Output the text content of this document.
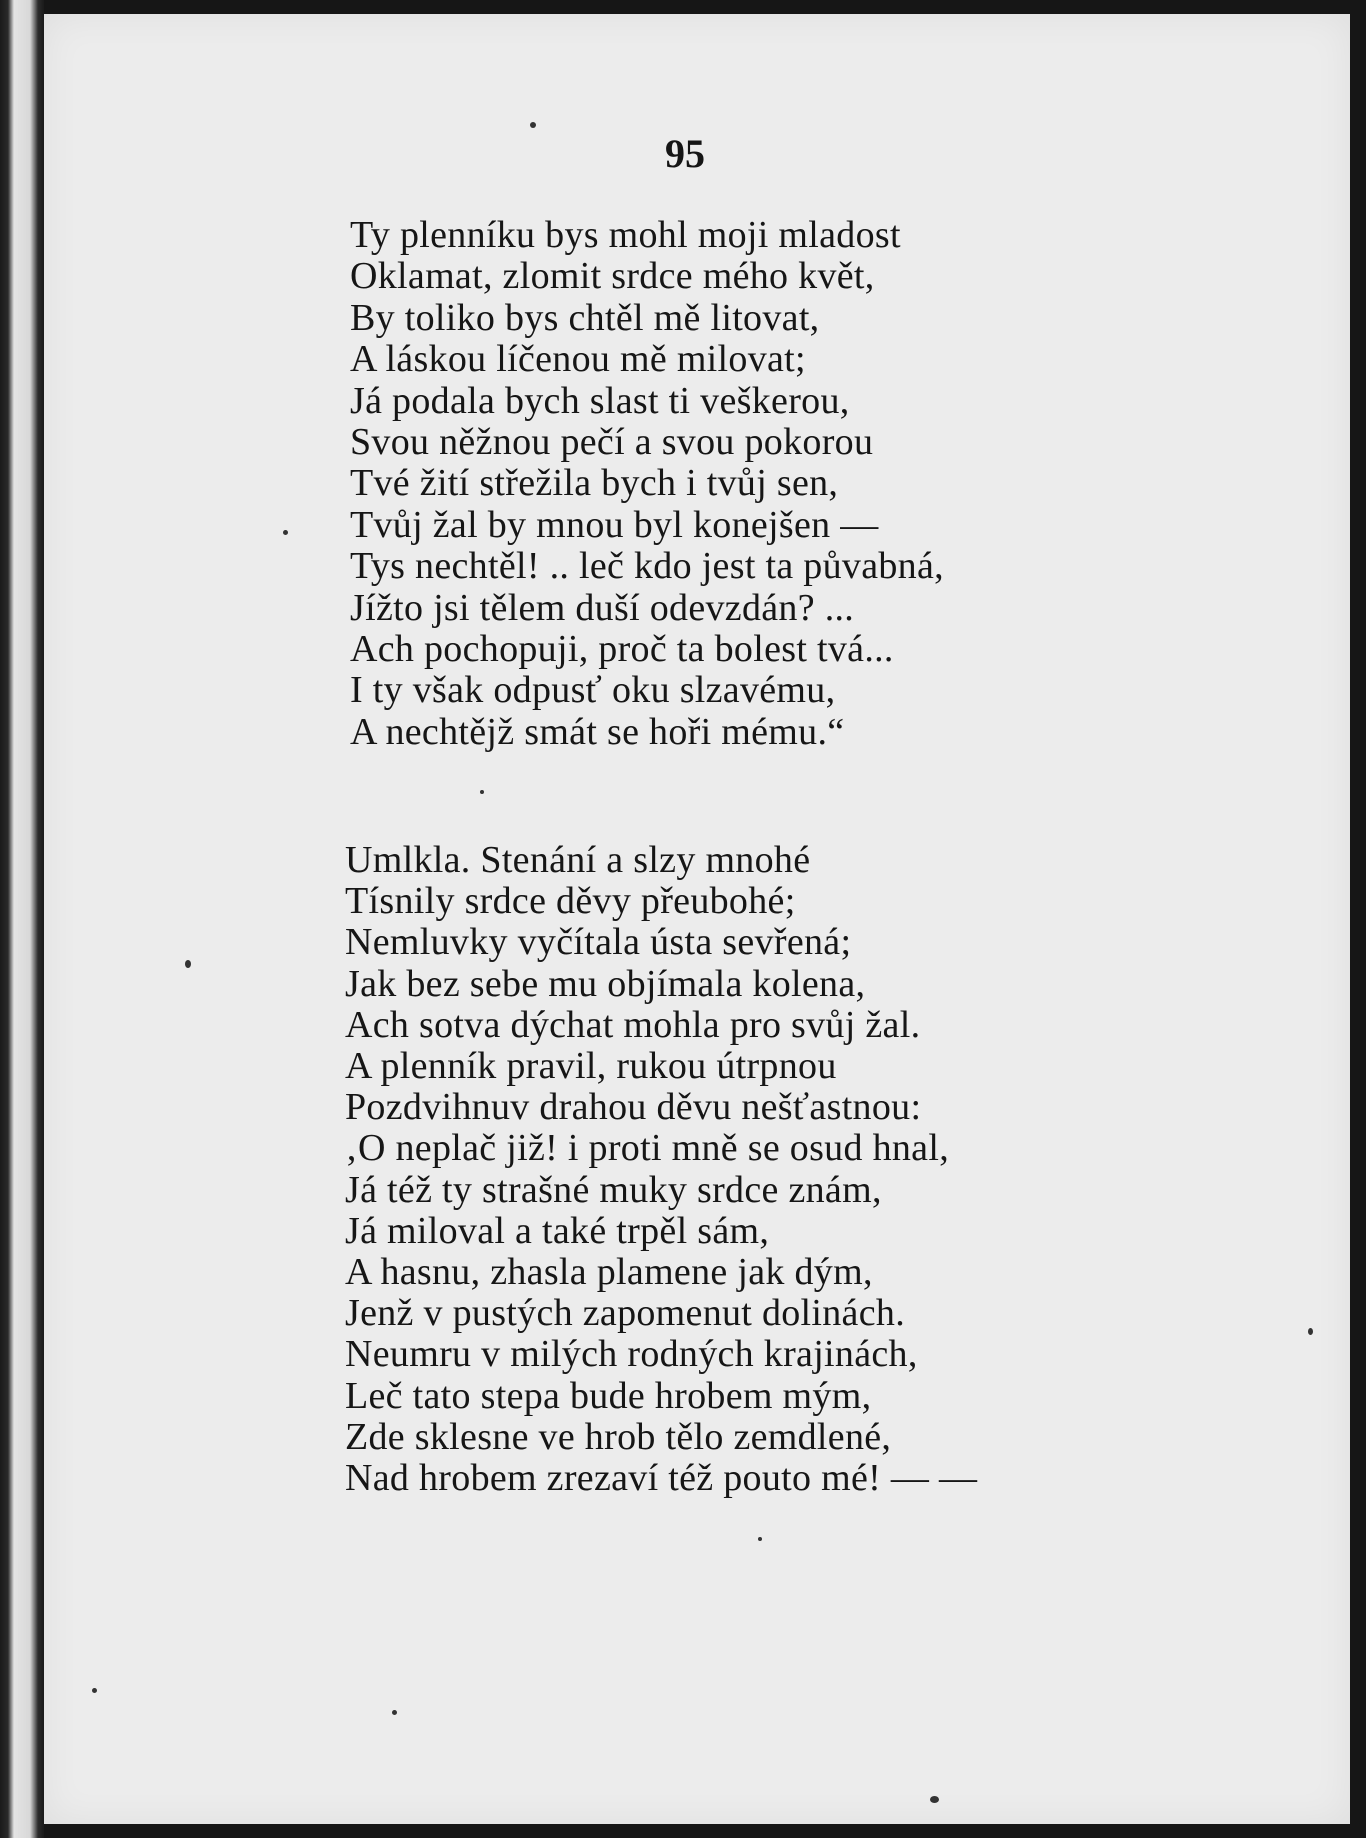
95
Ty plenníku bys mohl moji mladost
Oklamat, zlomit srdce mého květ,
By toliko bys chtěl mě litovat,
A láskou líčenou mě milovat;
Já podala bych slast ti veškerou,
Svou něžnou pečí a svou pokorou
Tvé žití střežila bych i tvůj sen,
Tvůj žal by mnou byl konejšen —
Tys nechtěl! .. leč kdo jest ta půvabná,
Jížto jsi tělem duší odevzdán? ...
Ach pochopuji, proč ta bolest tvá...
I ty však odpusť oku slzavému,
A nechtějž smát se hoři mému.“
Umlkla. Stenání a slzy mnohé
Tísnily srdce děvy přeubohé;
Nemluvky vyčítala ústa sevřená;
Jak bez sebe mu objímala kolena,
Ach sotva dýchat mohla pro svůj žal.
A plenník pravil, rukou útrpnou
Pozdvihnuv drahou děvu nešťastnou:
‚O neplač již! i proti mně se osud hnal,
Já též ty strašné muky srdce znám,
Já miloval a také trpěl sám,
A hasnu, zhasla plamene jak dým,
Jenž v pustých zapomenut dolinách.
Neumru v milých rodných krajinách,
Leč tato stepa bude hrobem mým,
Zde sklesne ve hrob tělo zemdlené,
Nad hrobem zrezaví též pouto mé! — —
